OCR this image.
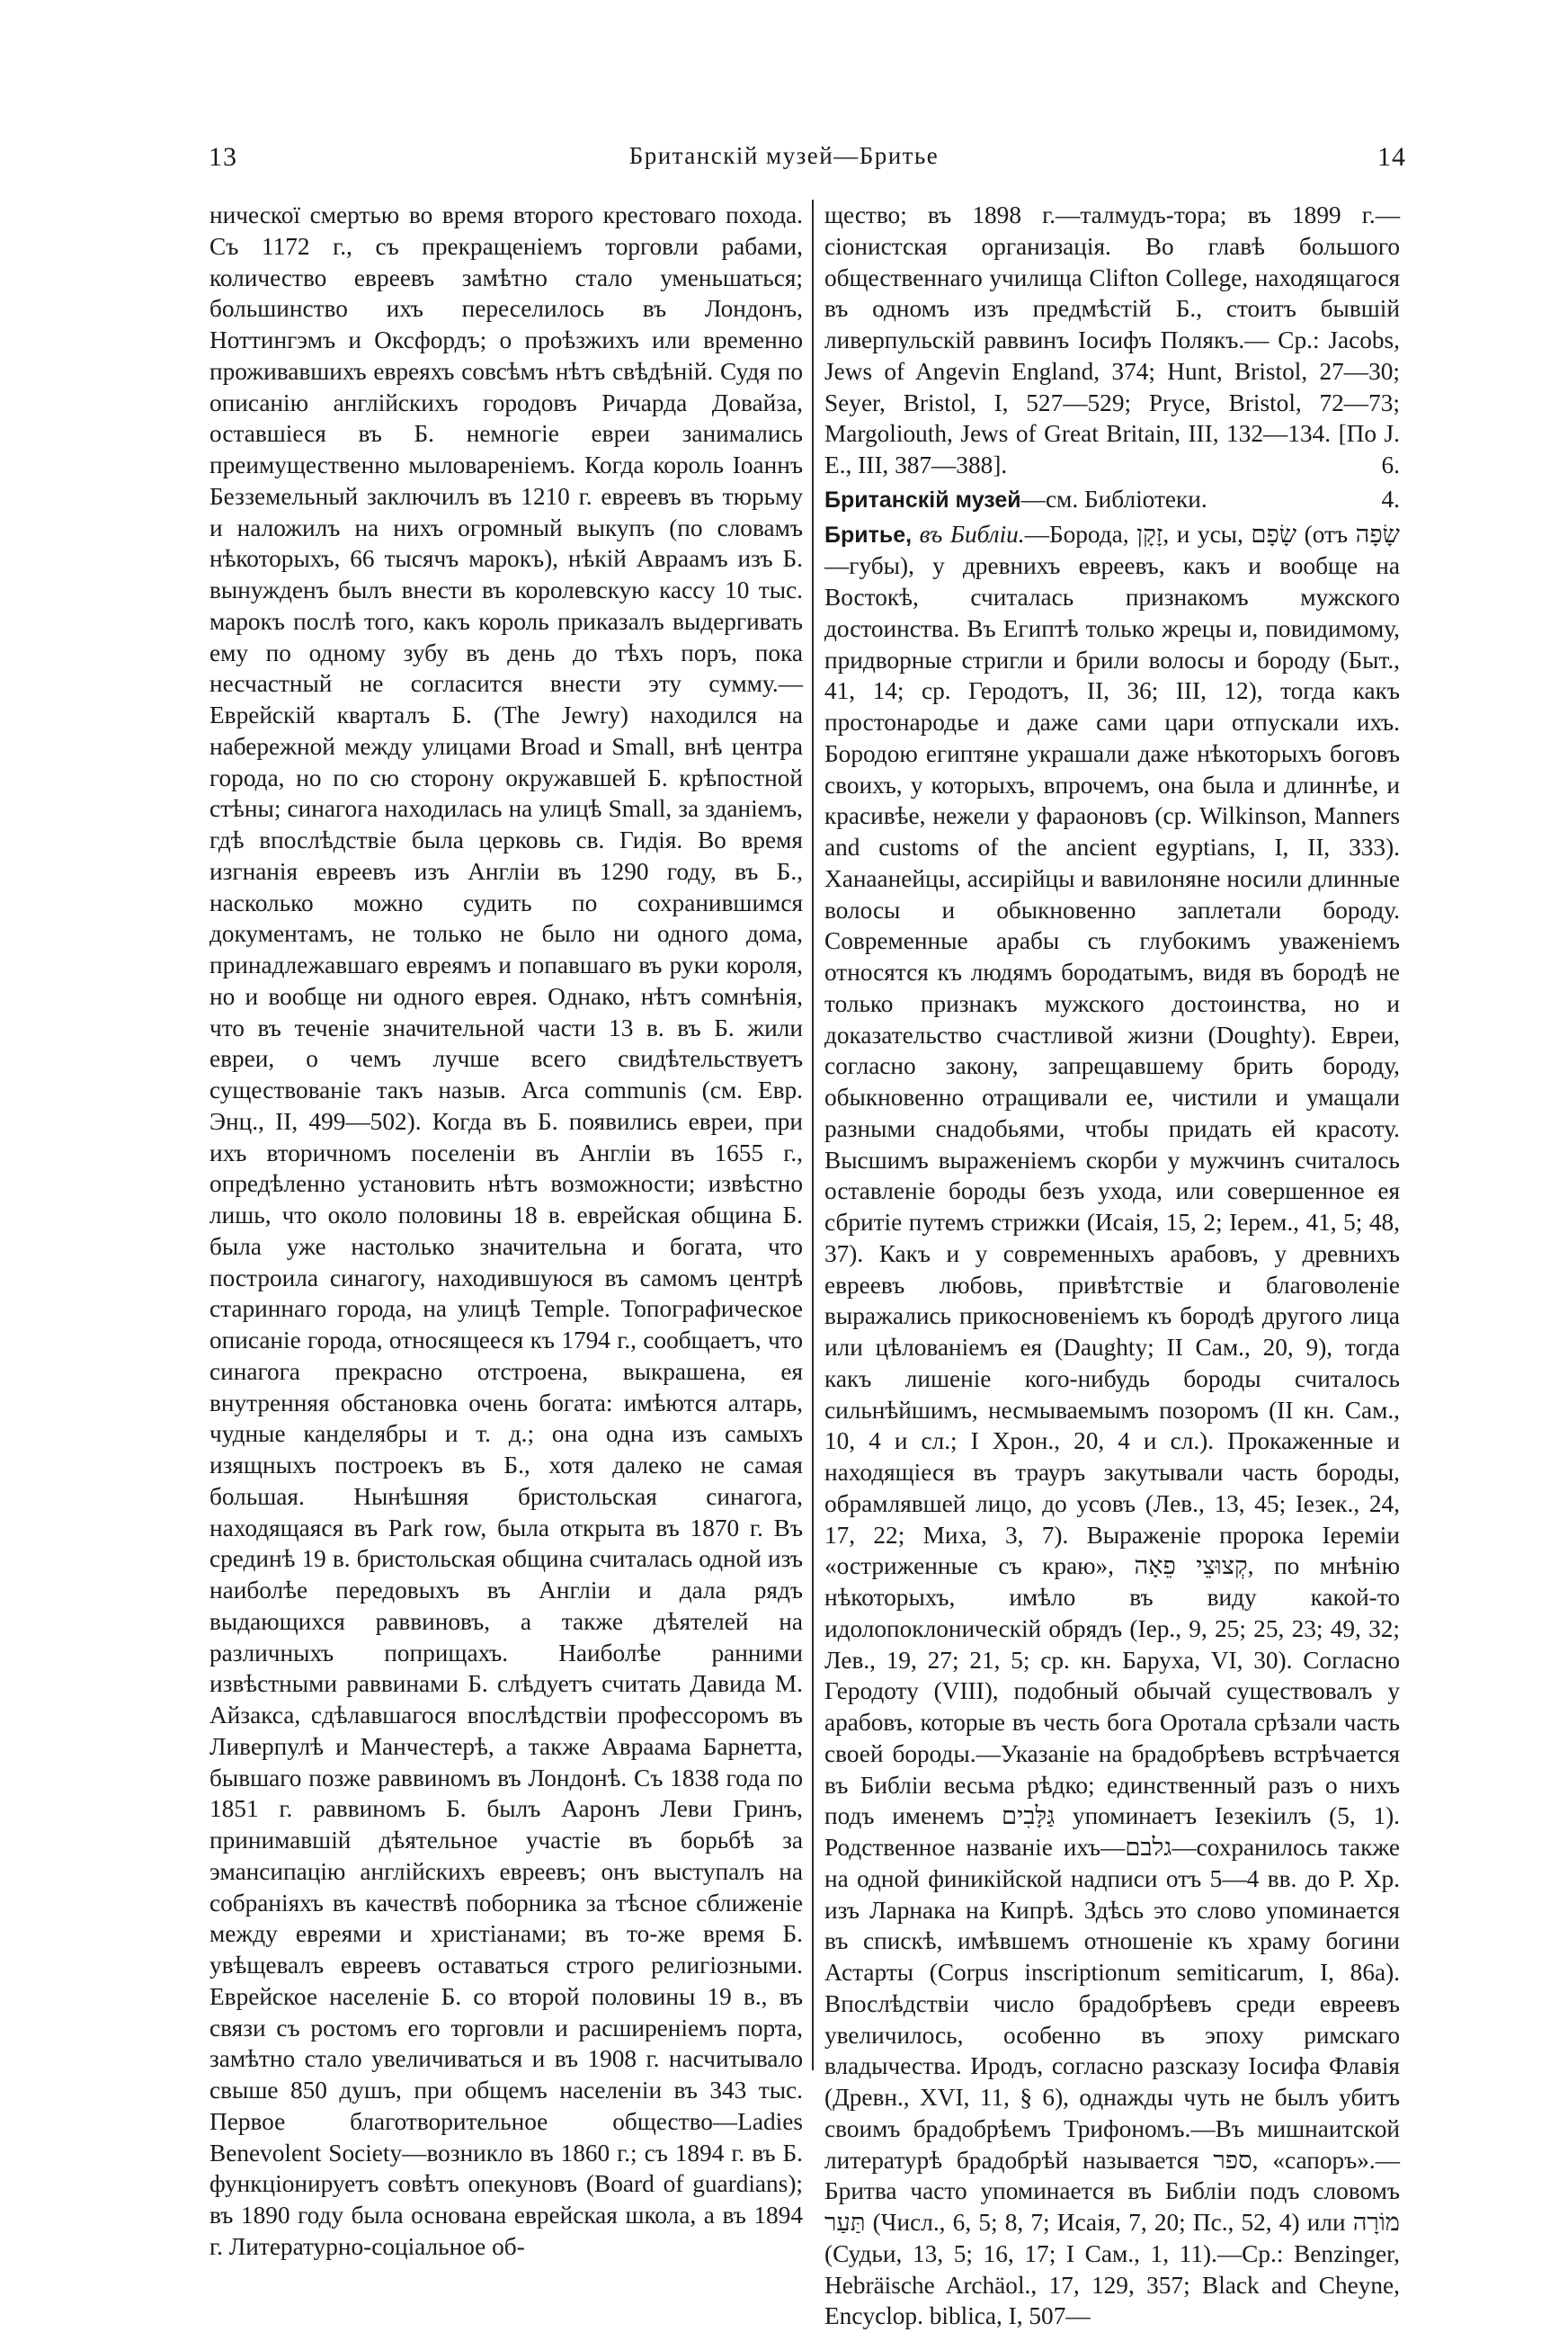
13	Британскій музей—Бритье	14

ническої смертью во время второго крестоваго похода. Съ 1172 г., съ прекращеніемъ торговли рабами, количество евреевъ замѣтно стало уменьшаться; большинство ихъ переселилось въ Лондонъ, Ноттингэмъ и Оксфордъ; о проѣзжихъ или временно проживавшихъ евреяхъ совсѣмъ нѣтъ свѣдѣній. Судя по описанію англійскихъ городовъ Ричарда Довайза, оставшіеся въ Б. немногіе евреи занимались преимущественно мыловареніемъ. Когда король Іоаннъ Безземельный заключилъ въ 1210 г. евреевъ въ тюрьму и наложилъ на нихъ огромный выкупъ (по словамъ нѣкоторыхъ, 66 тысячъ марокъ), нѣкій Авраамъ изъ Б. вынужденъ былъ внести въ королевскую кассу 10 тыс. марокъ послѣ того, какъ король приказалъ выдергивать ему по одному зубу въ день до тѣхъ поръ, пока несчастный не согласится внести эту сумму.—Еврейскій кварталъ Б. (The Jewry) находился на набережной между улицами Broad и Small, внѣ центра города, но по сю сторону окружавшей Б. крѣпостной стѣны; синагога находилась на улицѣ Small, за зданіемъ, гдѣ впослѣдствіе была церковь св. Гидія. Во время изгнанія евреевъ изъ Англіи въ 1290 году, въ Б., насколько можно судить по сохранившимся документамъ, не только не было ни одного дома, принадлежавшаго евреямъ и попавшаго въ руки короля, но и вообще ни одного еврея. Однако, нѣтъ сомнѣнія, что въ теченіе значительной части 13 в. въ Б. жили евреи, о чемъ лучше всего свидѣтельствуетъ существованіе такъ назыв. Arca communis (см. Евр. Энц., II, 499—502). Когда въ Б. появились евреи, при ихъ вторичномъ поселеніи въ Англіи въ 1655 г., опредѣленно установить нѣтъ возможности; извѣстно лишь, что около половины 18 в. еврейская община Б. была уже настолько значительна и богата, что построила синагогу, находившуюся въ самомъ центрѣ стариннаго города, на улицѣ Temple. Топографическое описаніе города, относящееся къ 1794 г., сообщаетъ, что синагога прекрасно отстроена, выкрашена, ея внутренняя обстановка очень богата: имѣются алтарь, чудные канделябры и т. д.; она одна изъ самыхъ изящныхъ построекъ въ Б., хотя далеко не самая большая. Нынѣшняя бристольская синагога, находящаяся въ Park row, была открыта въ 1870 г. Въ срединѣ 19 в. бристольская община считалась одной изъ наиболѣе передовыхъ въ Англіи и дала рядъ выдающихся раввиновъ, а также дѣятелей на различныхъ поприщахъ. Наиболѣе ранними извѣстными раввинами Б. слѣдуетъ считать Давида М. Айзакса, сдѣлавшагося впослѣдствіи профессоромъ въ Ливерпулѣ и Манчестерѣ, а также Авраама Барнетта, бывшаго позже раввиномъ въ Лондонѣ. Съ 1838 года по 1851 г. раввиномъ Б. былъ Ааронъ Леви Гринъ, принимавшій дѣятельное участіе въ борьбѣ за эмансипацію англійскихъ евреевъ; онъ выступалъ на собраніяхъ въ качествѣ поборника за тѣсное сближеніе между евреями и христіанами; въ то-же время Б. увѣщевалъ евреевъ оставаться строго религіозными. Еврейское населеніе Б. со второй половины 19 в., въ связи съ ростомъ его торговли и расширеніемъ порта, замѣтно стало увеличиваться и въ 1908 г. насчитывало свыше 850 душъ, при общемъ населеніи въ 343 тыс. Первое благотворительное общество—Ladies Benevolent Society—возникло въ 1860 г.; съ 1894 г. въ Б. функціонируетъ совѣтъ опекуновъ (Board of guardians); въ 1890 году была основана еврейская школа, а въ 1894 г. Литературно-соціальное об-

щество; въ 1898 г.—талмудъ-тора; въ 1899 г.—сіонистская организація. Во главѣ большого общественнаго училища Clifton College, находящагося въ одномъ изъ предмѣстій Б., стоитъ бывшій ливерпульскій раввинъ Іосифъ Полякъ.— Ср.: Jacobs, Jews of Angevin England, 374; Hunt, Bristol, 27—30; Seyer, Bristol, I, 527—529; Pryce, Bristol, 72—73; Margoliouth, Jews of Great Britain, III, 132—134. [По J. E., III, 387—388].	6.

Британскій музей—см. Библіотеки.	4.

Бритье, въ Библіи.—Борода, זָקָן, и усы, שָׂפָם (отъ שָׂפָה—губы), у древнихъ евреевъ, какъ и вообще на Востокѣ, считалась признакомъ мужского достоинства. Въ Египтѣ только жрецы и, повидимому, придворные стригли и брили волосы и бороду (Быт., 41, 14; ср. Геродотъ, II, 36; III, 12), тогда какъ простонародье и даже сами цари отпускали ихъ. Бородою египтяне украшали даже нѣкоторыхъ боговъ своихъ, у которыхъ, впрочемъ, она была и длиннѣе, и красивѣе, нежели у фараоновъ (ср. Wilkinson, Manners and customs of the ancient egyptians, I, II, 333). Ханаанейцы, ассирійцы и вавилоняне носили длинные волосы и обыкновенно заплетали бороду. Современные арабы съ глубокимъ уваженіемъ относятся къ людямъ бородатымъ, видя въ бородѣ не только признакъ мужского достоинства, но и доказательство счастливой жизни (Doughty). Евреи, согласно закону, запрещавшему брить бороду, обыкновенно отращивали ее, чистили и умащали разными снадобьями, чтобы придать ей красоту. Высшимъ выраженіемъ скорби у мужчинъ считалось оставленіе бороды безъ ухода, или совершенное ея сбритіе путемъ стрижки (Исаія, 15, 2; Іерем., 41, 5; 48, 37). Какъ и у современныхъ арабовъ, у древнихъ евреевъ любовь, привѣтствіе и благоволеніе выражались прикосновеніемъ къ бородѣ другого лица или цѣлованіемъ ея (Daughty; II Сам., 20, 9), тогда какъ лишеніе кого-нибудь бороды считалось сильнѣйшимъ, несмываемымъ позоромъ (II кн. Сам., 10, 4 и сл.; I Хрон., 20, 4 и сл.). Прокаженные и находящіеся въ трауръ закутывали часть бороды, обрамлявшей лицо, до усовъ (Лев., 13, 45; Іезек., 24, 17, 22; Миха, 3, 7). Выраженіе пророка Іереміи «остриженные съ краю», קְצוּצֵי פֵאָה, по мнѣнію нѣкоторыхъ, имѣло въ виду какой-то идолопоклоническій обрядъ (Іер., 9, 25; 25, 23; 49, 32; Лев., 19, 27; 21, 5; ср. кн. Баруха, VI, 30). Согласно Геродоту (VIII), подобный обычай существовалъ у арабовъ, которые въ честь бога Оротала срѣзали часть своей бороды.—Указаніе на брадобрѣевъ встрѣчается въ Библіи весьма рѣдко; единственный разъ о нихъ подъ именемъ גַּלָּבִים упоминаетъ Іезекіилъ (5, 1). Родственное названіе ихъ—גלבם—сохранилось также на одной финикійской надписи отъ 5—4 вв. до Р. Хр. изъ Ларнака на Кипрѣ. Здѣсь это слово упоминается въ спискѣ, имѣвшемъ отношеніе къ храму богини Астарты (Corpus inscriptionum semiticarum, I, 86а). Впослѣдствіи число брадобрѣевъ среди евреевъ увеличилось, особенно въ эпоху римскаго владычества. Иродъ, согласно разсказу Іосифа Флавія (Древн., XVI, 11, § 6), однажды чуть не былъ убитъ своимъ брадобрѣемъ Трифономъ.—Въ мишнаитской литературѣ брадобрѣй называется ספר, «сапоръ».—Бритва часто упоминается въ Библіи подъ словомъ תַּעַר (Числ., 6, 5; 8, 7; Исаія, 7, 20; Пс., 52, 4) или מוֹרָה (Судьи, 13, 5; 16, 17; I Сам., 1, 11).—Ср.: Benzinger, Hebräische Archäol., 17, 129, 357; Black and Cheyne, Encyclop. biblica, I, 507—
